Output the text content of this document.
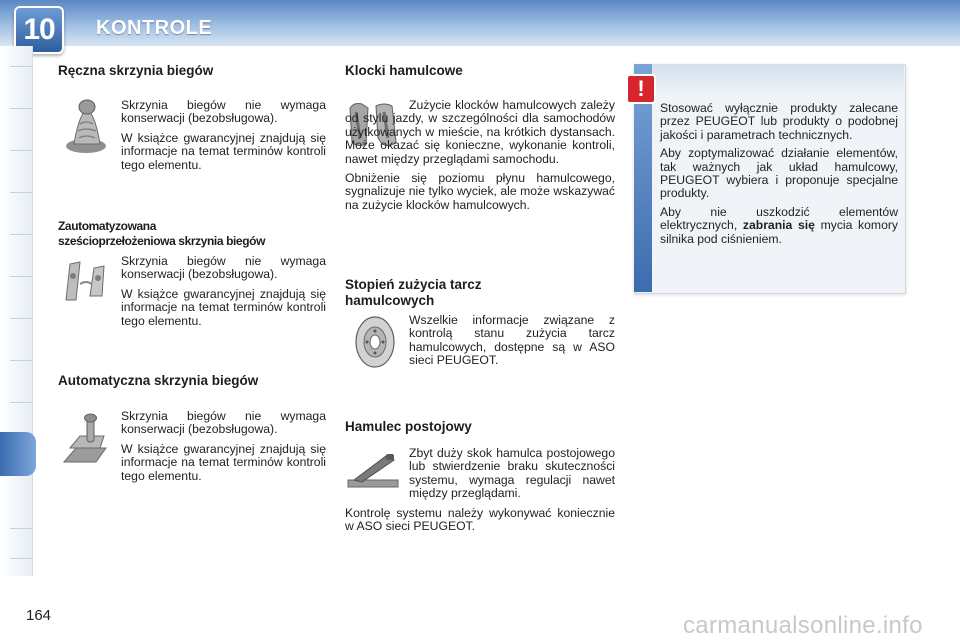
10	KONTROLE
Ręczna skrzynia biegów

Skrzynia biegów nie wymaga konserwacji (bezobsługowa).

W książce gwarancyjnej znajdują się informacje na temat terminów kontroli tego elementu.

Zautomatyzowana
sześcioprzełożeniowa skrzynia biegów

Skrzynia biegów nie wymaga konserwacji (bezobsługowa).

W książce gwarancyjnej znajdują się informacje na temat terminów kontroli tego elementu.

Automatyczna skrzynia biegów

Skrzynia biegów nie wymaga konserwacji (bezobsługowa).

W książce gwarancyjnej znajdują się informacje na temat terminów kontroli tego elementu.

Klocki hamulcowe

Zużycie klocków hamulcowych zależy od stylu jazdy, w szczególności dla samochodów użytkowanych w mieście, na krótkich dystansach. Może okazać się konieczne, wykonanie kontroli, nawet między przeglądami samochodu.

Obniżenie się poziomu płynu hamulcowego, sygnalizuje nie tylko wyciek, ale może wskazywać na zużycie klocków hamulcowych.

Stopień zużycia tarcz
hamulcowych

Wszelkie informacje związane z kontrolą stanu zużycia tarcz hamulcowych, dostępne są w ASO sieci PEUGEOT.

Hamulec postojowy

Zbyt duży skok hamulca postojowego lub stwierdzenie braku skuteczności systemu, wymaga regulacji nawet między przeglądami.

Kontrolę systemu należy wykonywać koniecznie w ASO sieci PEUGEOT.

!

Stosować wyłącznie produkty zalecane przez PEUGEOT lub produkty o podobnej jakości i parametrach technicznych.

Aby zoptymalizować działanie elementów, tak ważnych jak układ hamulcowy, PEUGEOT wybiera i proponuje specjalne produkty.

Aby nie uszkodzić elementów elektrycznych, zabrania się mycia komory silnika pod ciśnieniem.

164	carmanualsonline.info
